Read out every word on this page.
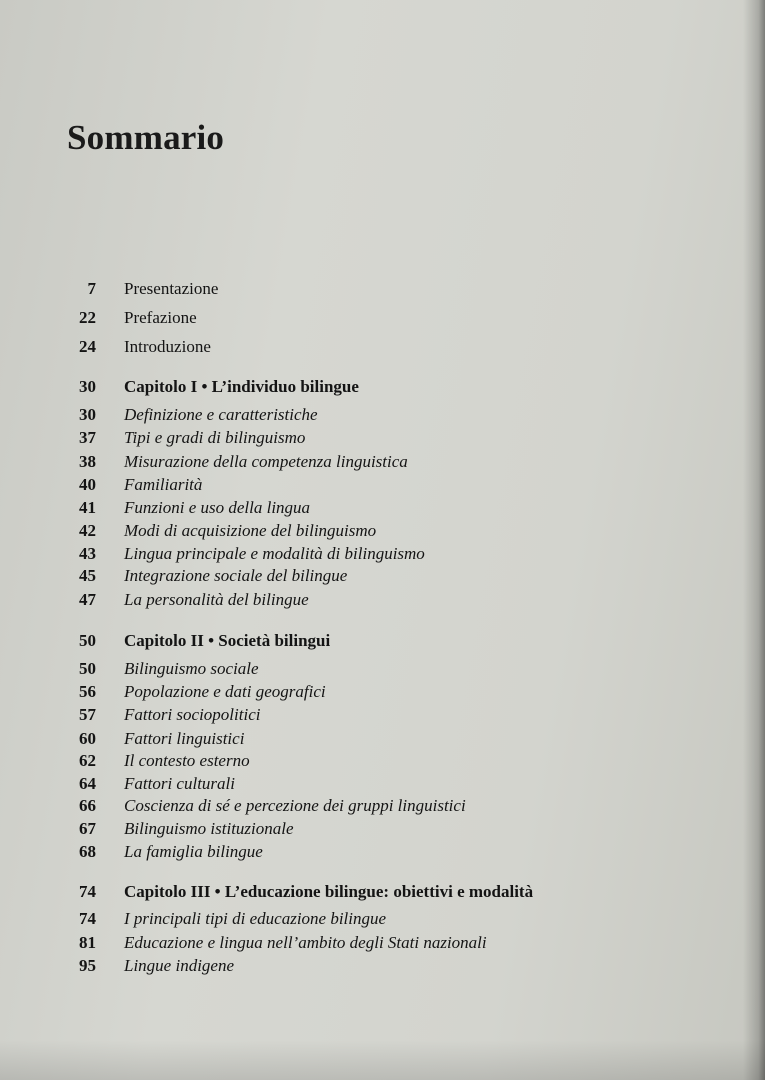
Sommario
7 Presentazione
22 Prefazione
24 Introduzione
30 Capitolo I • L’individuo bilingue
30 Definizione e caratteristiche
37 Tipi e gradi di bilinguismo
38 Misurazione della competenza linguistica
40 Familiarità
41 Funzioni e uso della lingua
42 Modi di acquisizione del bilinguismo
43 Lingua principale e modalità di bilinguismo
45 Integrazione sociale del bilingue
47 La personalità del bilingue
50 Capitolo II • Società bilingui
50 Bilinguismo sociale
56 Popolazione e dati geografici
57 Fattori sociopolitici
60 Fattori linguistici
62 Il contesto esterno
64 Fattori culturali
66 Coscienza di sé e percezione dei gruppi linguistici
67 Bilinguismo istituzionale
68 La famiglia bilingue
74 Capitolo III • L’educazione bilingue: obiettivi e modalità
74 I principali tipi di educazione bilingue
81 Educazione e lingua nell’ambito degli Stati nazionali
95 Lingue indigene
